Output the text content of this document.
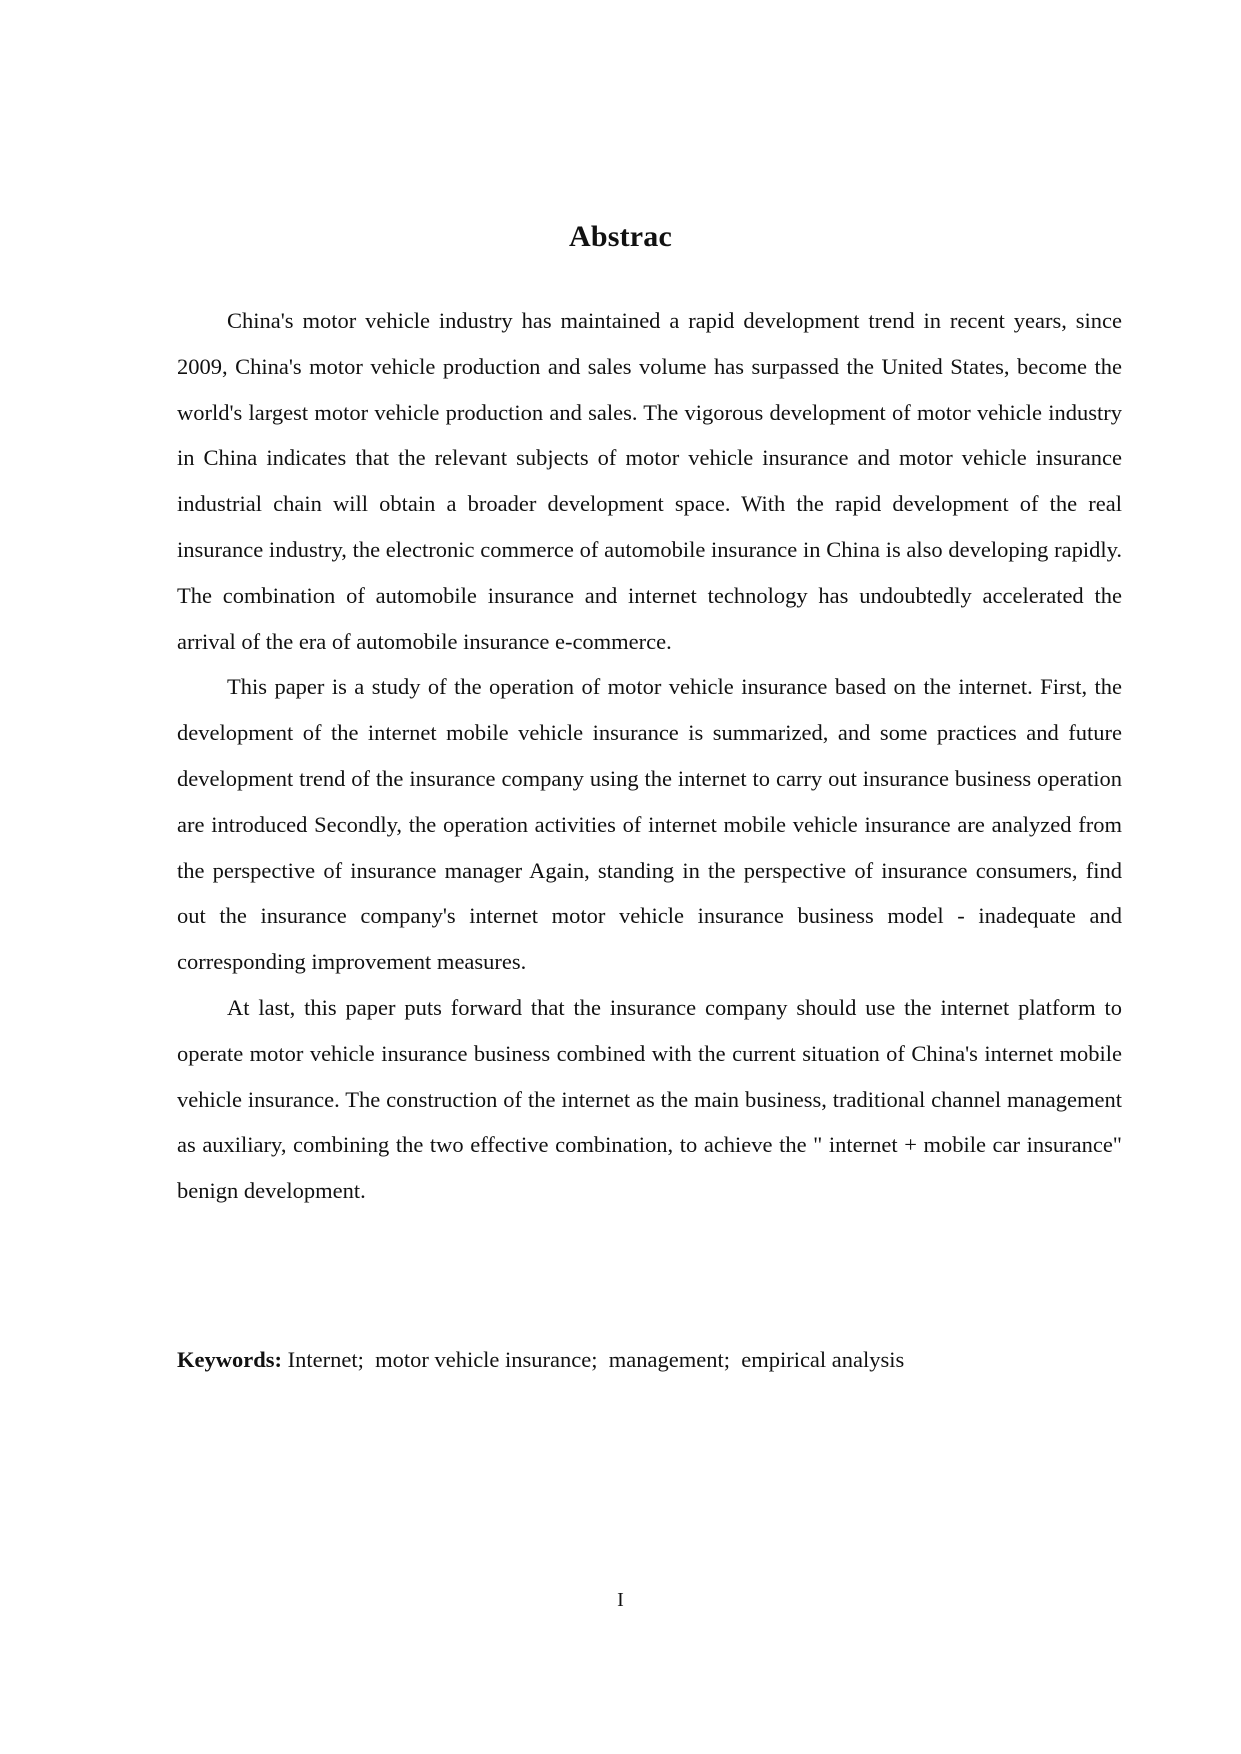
Abstrac

China's motor vehicle industry has maintained a rapid development trend in recent years, since 2009, China's motor vehicle production and sales volume has surpassed the United States, become the world's largest motor vehicle production and sales. The vigorous development of motor vehicle industry in China indicates that the relevant subjects of motor vehicle insurance and motor vehicle insurance industrial chain will obtain a broader development space. With the rapid development of the real insurance industry, the electronic commerce of automobile insurance in China is also developing rapidly. The combination of automobile insurance and internet technology has undoubtedly accelerated the arrival of the era of automobile insurance e-commerce.

This paper is a study of the operation of motor vehicle insurance based on the internet. First, the development of the internet mobile vehicle insurance is summarized, and some practices and future development trend of the insurance company using the internet to carry out insurance business operation are introduced Secondly, the operation activities of internet mobile vehicle insurance are analyzed from the perspective of insurance manager Again, standing in the perspective of insurance consumers, find out the insurance company's internet motor vehicle insurance business model - inadequate and corresponding improvement measures.

At last, this paper puts forward that the insurance company should use the internet platform to operate motor vehicle insurance business combined with the current situation of China's internet mobile vehicle insurance. The construction of the internet as the main business, traditional channel management as auxiliary, combining the two effective combination, to achieve the " internet + mobile car insurance" benign development.

Keywords: Internet;  motor vehicle insurance;  management;  empirical analysis
I
